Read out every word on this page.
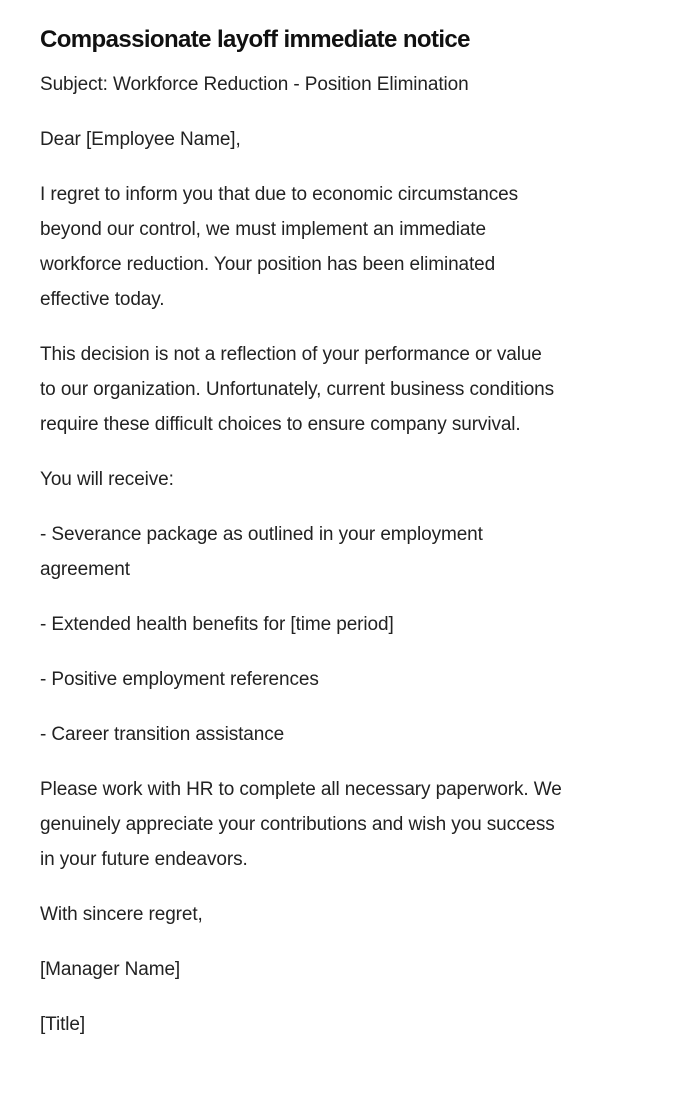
Compassionate layoff immediate notice

Subject: Workforce Reduction - Position Elimination

Dear [Employee Name],

I regret to inform you that due to economic circumstances
beyond our control, we must implement an immediate
workforce reduction. Your position has been eliminated
effective today.

This decision is not a reflection of your performance or value
to our organization. Unfortunately, current business conditions
require these difficult choices to ensure company survival.

You will receive:

- Severance package as outlined in your employment
agreement

- Extended health benefits for [time period]

- Positive employment references

- Career transition assistance

Please work with HR to complete all necessary paperwork. We
genuinely appreciate your contributions and wish you success
in your future endeavors.

With sincere regret,

[Manager Name]

[Title]
